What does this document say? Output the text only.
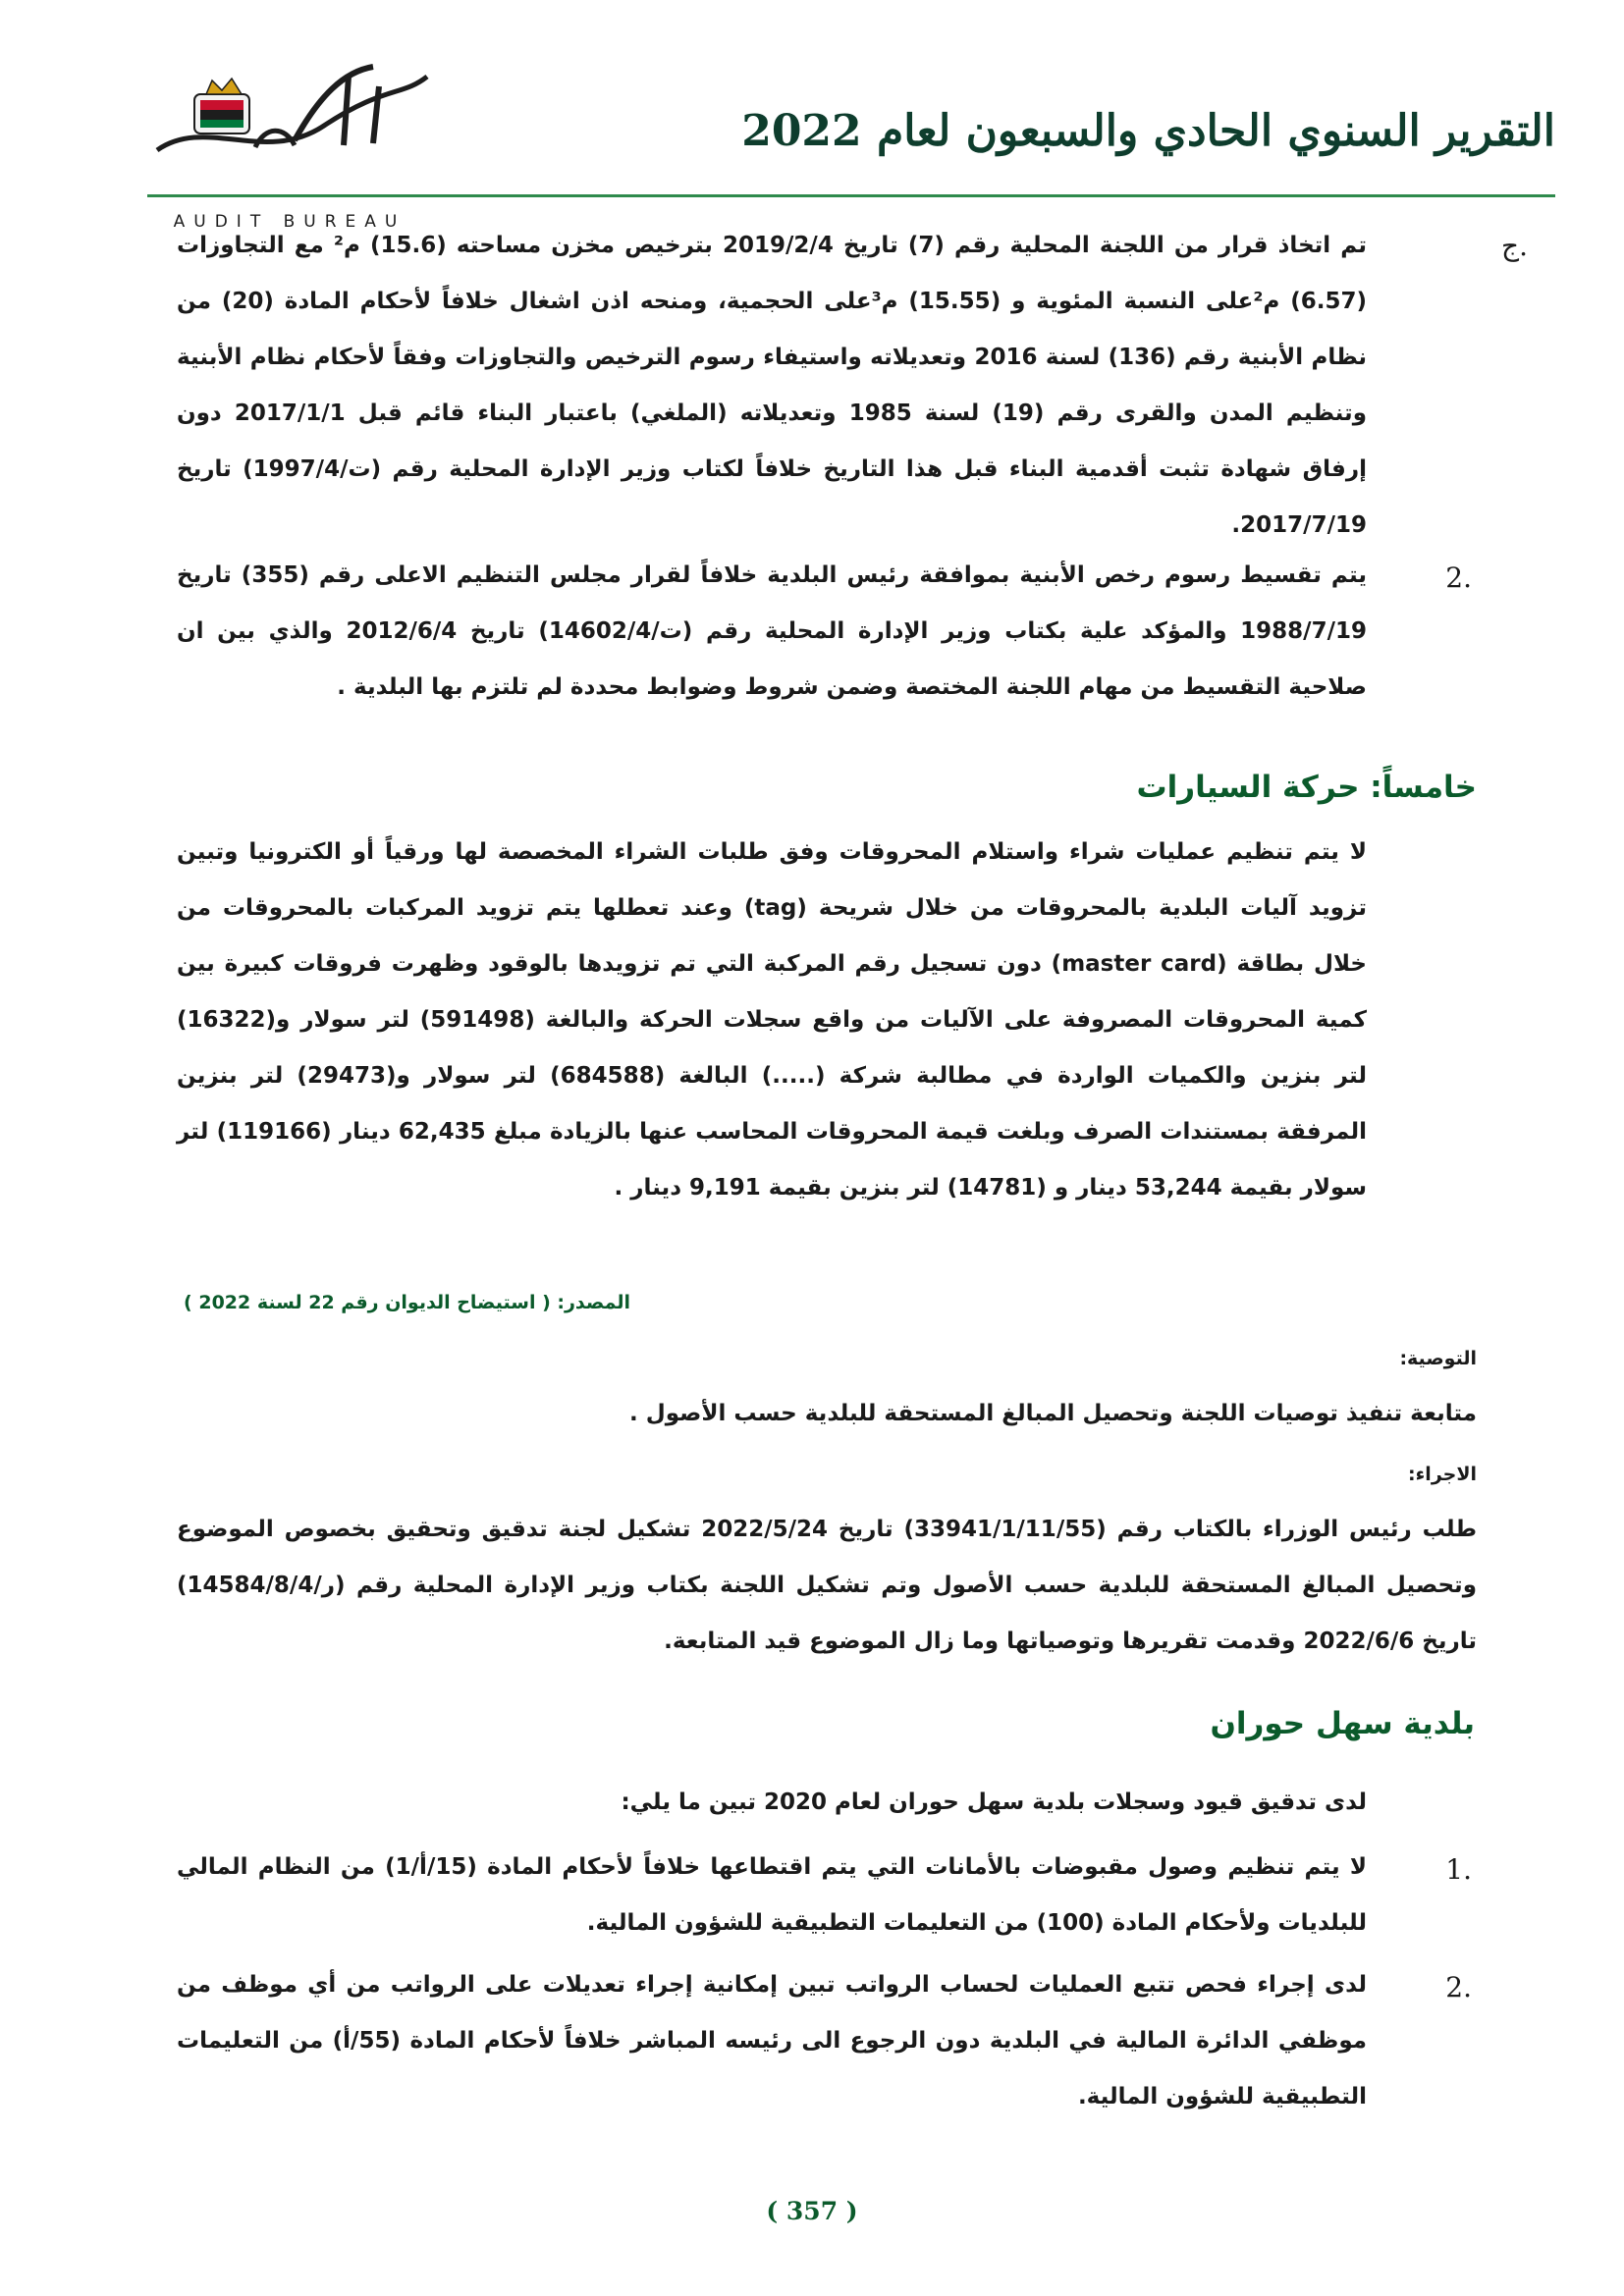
AUDIT BUREAU
التقرير السنوي الحادي والسبعون لعام 2022
ج.
تم اتخاذ قرار من اللجنة المحلية رقم (7) تاريخ 2019/2/4 بترخيص مخزن مساحته (15.6) م² مع التجاوزات (6.57) م²على النسبة المئوية و (15.55) م³على الحجمية، ومنحه اذن اشغال خلافاً لأحكام المادة (20) من نظام الأبنية رقم (136) لسنة 2016 وتعديلاته واستيفاء رسوم الترخيص والتجاوزات وفقاً لأحكام نظام الأبنية وتنظيم المدن والقرى رقم (19) لسنة 1985 وتعديلاته (الملغي) باعتبار البناء قائم قبل 2017/1/1 دون إرفاق شهادة تثبت أقدمية البناء قبل هذا التاريخ خلافاً لكتاب وزير الإدارة المحلية رقم (ت/1997/4) تاريخ 2017/7/19.
2.
يتم تقسيط رسوم رخص الأبنية بموافقة رئيس البلدية خلافاً لقرار مجلس التنظيم الاعلى رقم (355) تاريخ 1988/7/19 والمؤكد علية بكتاب وزير الإدارة المحلية رقم (ت/14602/4) تاريخ 2012/6/4 والذي بين ان صلاحية التقسيط من مهام اللجنة المختصة وضمن شروط وضوابط محددة لم تلتزم بها البلدية .
خامساً: حركة السيارات
لا يتم تنظيم عمليات شراء واستلام المحروقات وفق طلبات الشراء المخصصة لها ورقياً أو الكترونيا وتبين تزويد آليات البلدية بالمحروقات من خلال شريحة (tag) وعند تعطلها يتم تزويد المركبات بالمحروقات من خلال بطاقة (master card) دون تسجيل رقم المركبة التي تم تزويدها بالوقود وظهرت فروقات كبيرة بين كمية المحروقات المصروفة على الآليات من واقع سجلات الحركة والبالغة (591498) لتر سولار و(16322) لتر بنزين والكميات الواردة في مطالبة شركة (.....) البالغة (684588) لتر سولار و(29473) لتر بنزين المرفقة بمستندات الصرف وبلغت قيمة المحروقات المحاسب عنها بالزيادة مبلغ 62,435 دينار (119166) لتر سولار بقيمة 53,244 دينار و (14781) لتر بنزين بقيمة 9,191 دينار .
المصدر: ( استيضاح الديوان رقم 22 لسنة 2022 )
التوصية:
متابعة تنفيذ توصيات اللجنة وتحصيل المبالغ المستحقة للبلدية حسب الأصول .
الاجراء:
طلب رئيس الوزراء بالكتاب رقم (33941/1/11/55) تاريخ 2022/5/24 تشكيل لجنة تدقيق وتحقيق بخصوص الموضوع وتحصيل المبالغ المستحقة للبلدية حسب الأصول وتم تشكيل اللجنة بكتاب وزير الإدارة المحلية رقم (ر/14584/8/4) تاريخ 2022/6/6 وقدمت تقريرها وتوصياتها وما زال الموضوع قيد المتابعة.
بلدية سهل حوران
لدى تدقيق قيود وسجلات بلدية سهل حوران لعام 2020 تبين ما يلي:
1.
لا يتم تنظيم وصول مقبوضات بالأمانات التي يتم اقتطاعها خلافاً لأحكام المادة (15/أ/1) من النظام المالي للبلديات ولأحكام المادة (100) من التعليمات التطبيقية للشؤون المالية.
2.
لدى إجراء فحص تتبع العمليات لحساب الرواتب تبين إمكانية إجراء تعديلات على الرواتب من أي موظف من موظفي الدائرة المالية في البلدية دون الرجوع الى رئيسه المباشر خلافاً لأحكام المادة (55/أ) من التعليمات التطبيقية للشؤون المالية.
( 357 )
